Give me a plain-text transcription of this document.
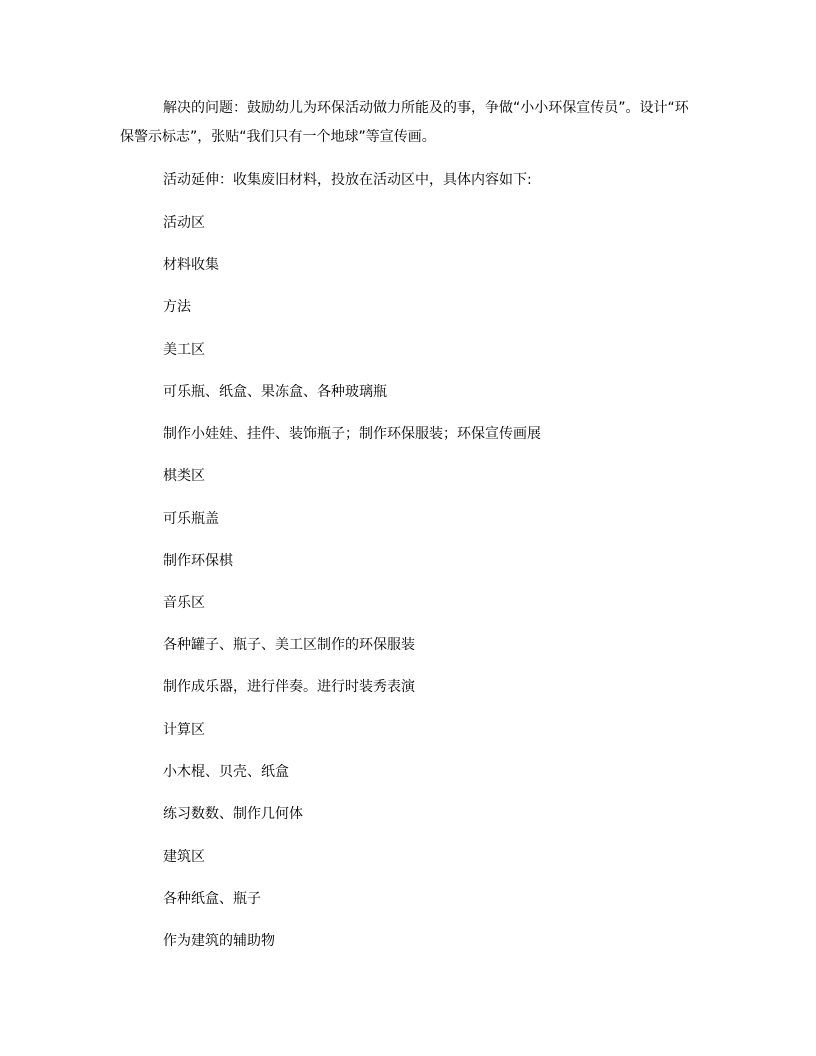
解决的问题：鼓励幼儿为环保活动做力所能及的事，争做“小小环保宣传员”。设计“环保警示标志”，张贴“我们只有一个地球”等宣传画。

活动延伸：收集废旧材料，投放在活动区中，具体内容如下:

活动区
材料收集
方法
美工区
可乐瓶、纸盒、果冻盒、各种玻璃瓶
制作小娃娃、挂件、装饰瓶子；制作环保服装；环保宣传画展
棋类区
可乐瓶盖
制作环保棋
音乐区
各种罐子、瓶子、美工区制作的环保服装
制作成乐器，进行伴奏。进行时装秀表演
计算区
小木棍、贝壳、纸盒
练习数数、制作几何体
建筑区
各种纸盒、瓶子
作为建筑的辅助物
